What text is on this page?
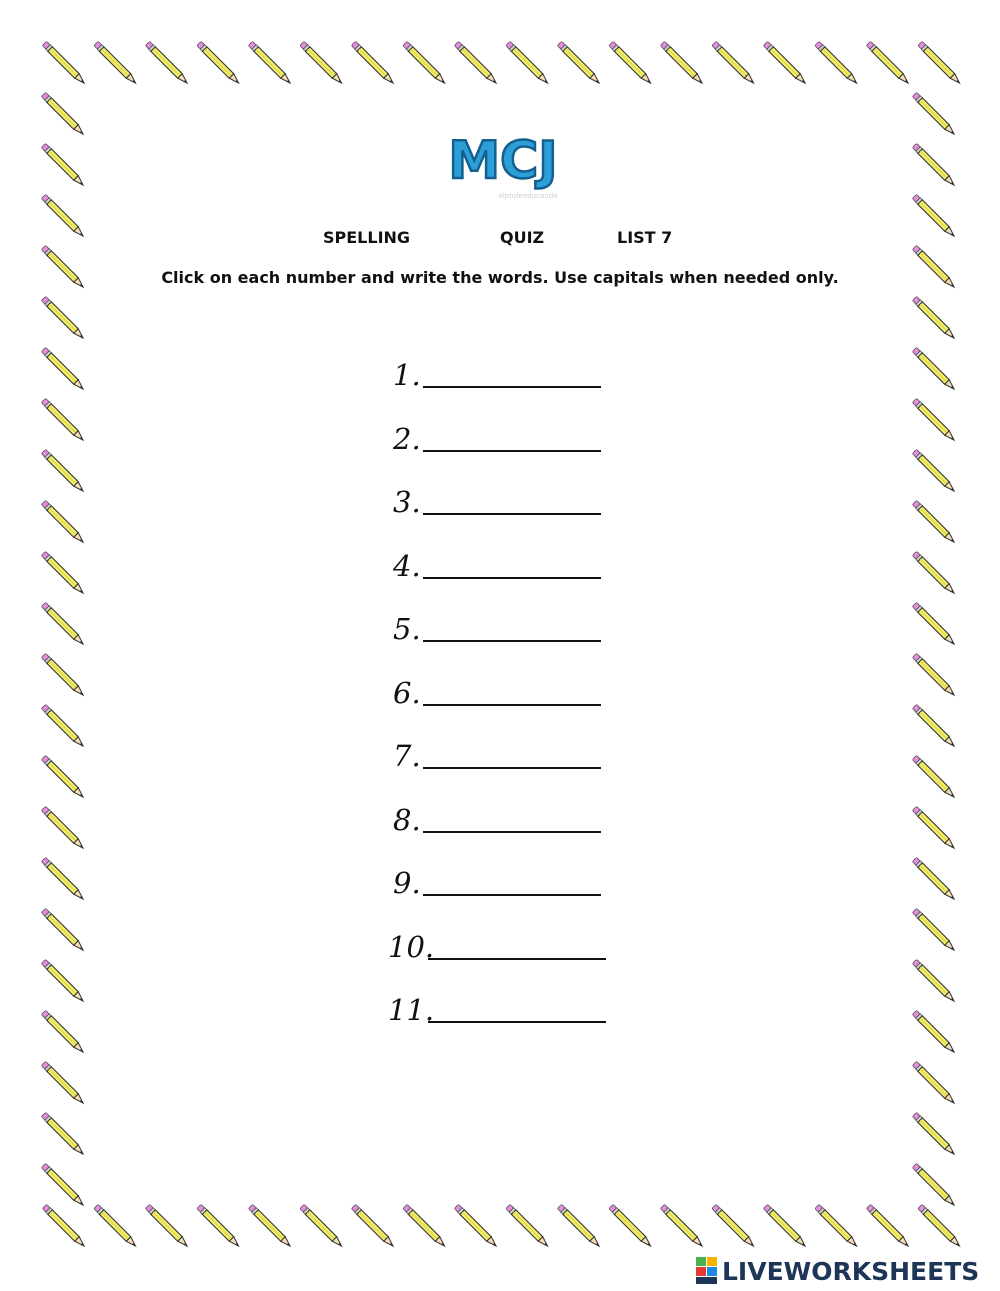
MCJ
elprofeeducando
SPELLING	QUIZ	LIST 7
Click on each number and write the words. Use capitals when needed only.
1.
2.
3.
4.
5.
6.
7.
8.
9.
10.
11.
LIVEWORKSHEETS
